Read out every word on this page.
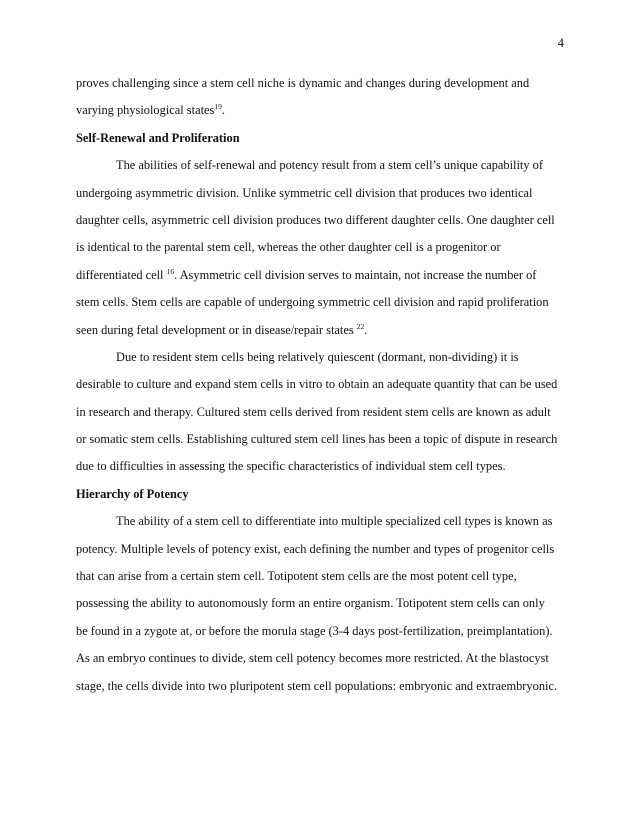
4
proves challenging since a stem cell niche is dynamic and changes during development and
varying physiological states$^{19}$.
Self-Renewal and Proliferation
The abilities of self-renewal and potency result from a stem cell’s unique capability of
undergoing asymmetric division. Unlike symmetric cell division that produces two identical
daughter cells, asymmetric cell division produces two different daughter cells. One daughter cell
is identical to the parental stem cell, whereas the other daughter cell is a progenitor or
differentiated cell $^{16}$. Asymmetric cell division serves to maintain, not increase the number of
stem cells. Stem cells are capable of undergoing symmetric cell division and rapid proliferation
seen during fetal development or in disease/repair states $^{22}$.
Due to resident stem cells being relatively quiescent (dormant, non-dividing) it is
desirable to culture and expand stem cells in vitro to obtain an adequate quantity that can be used
in research and therapy. Cultured stem cells derived from resident stem cells are known as adult
or somatic stem cells. Establishing cultured stem cell lines has been a topic of dispute in research
due to difficulties in assessing the specific characteristics of individual stem cell types.
Hierarchy of Potency
The ability of a stem cell to differentiate into multiple specialized cell types is known as
potency. Multiple levels of potency exist, each defining the number and types of progenitor cells
that can arise from a certain stem cell. Totipotent stem cells are the most potent cell type,
possessing the ability to autonomously form an entire organism. Totipotent stem cells can only
be found in a zygote at, or before the morula stage (3-4 days post-fertilization, preimplantation).
As an embryo continues to divide, stem cell potency becomes more restricted. At the blastocyst
stage, the cells divide into two pluripotent stem cell populations: embryonic and extraembryonic.
